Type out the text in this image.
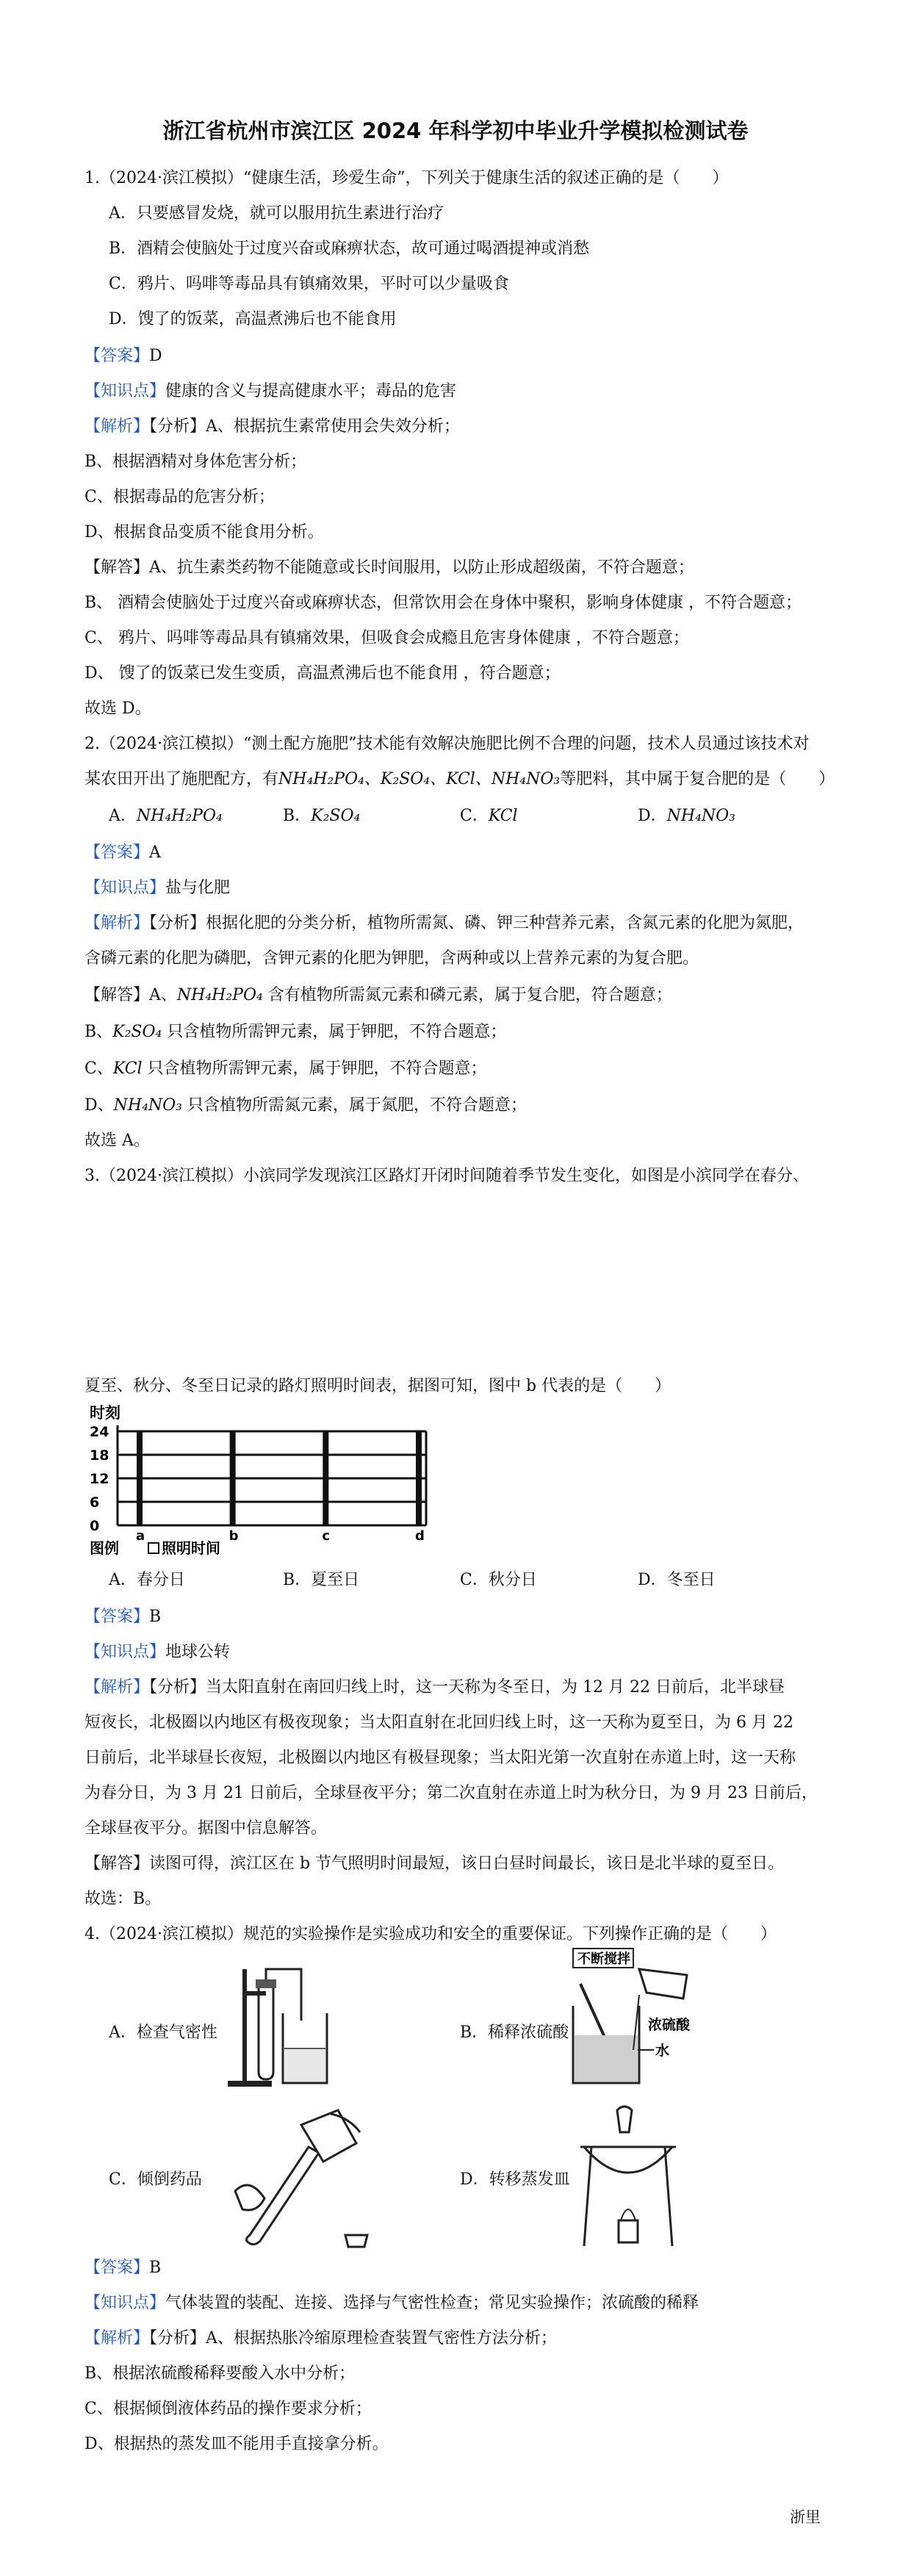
浙江省杭州市滨江区 2024 年科学初中毕业升学模拟检测试卷
1.（2024·滨江模拟）“健康生活，珍爱生命”，下列关于健康生活的叙述正确的是（　　）
A．只要感冒发烧，就可以服用抗生素进行治疗
B．酒精会使脑处于过度兴奋或麻痹状态，故可通过喝酒提神或消愁
C．鸦片、吗啡等毒品具有镇痛效果，平时可以少量吸食
D．馊了的饭菜，高温煮沸后也不能食用
【答案】D
【知识点】健康的含义与提高健康水平；毒品的危害
【解析】【分析】A、根据抗生素常使用会失效分析；
B、根据酒精对身体危害分析；
C、根据毒品的危害分析；
D、根据食品变质不能食用分析。
【解答】A、抗生素类药物不能随意或长时间服用，以防止形成超级菌，不符合题意；
B、 酒精会使脑处于过度兴奋或麻痹状态，但常饮用会在身体中聚积，影响身体健康 ，不符合题意；
C、 鸦片、吗啡等毒品具有镇痛效果，但吸食会成瘾且危害身体健康 ，不符合题意；
D、 馊了的饭菜已发生变质，高温煮沸后也不能食用 ，符合题意；
故选 D。
2.（2024·滨江模拟）“测土配方施肥”技术能有效解决施肥比例不合理的问题，技术人员通过该技术对
某农田开出了施肥配方，有NH₄H₂PO₄、K₂SO₄、KCl、NH₄NO₃等肥料，其中属于复合肥的是（　　）
A．NH₄H₂PO₄	B．K₂SO₄	C．KCl	D．NH₄NO₃
【答案】A
【知识点】盐与化肥
【解析】【分析】根据化肥的分类分析，植物所需氮、磷、钾三种营养元素，含氮元素的化肥为氮肥，
含磷元素的化肥为磷肥，含钾元素的化肥为钾肥，含两种或以上营养元素的为复合肥。
【解答】A、NH₄H₂PO₄ 含有植物所需氮元素和磷元素，属于复合肥，符合题意；
B、K₂SO₄ 只含植物所需钾元素，属于钾肥，不符合题意；
C、KCl 只含植物所需钾元素，属于钾肥，不符合题意；
D、NH₄NO₃ 只含植物所需氮元素，属于氮肥，不符合题意；
故选 A。
3.（2024·滨江模拟）小滨同学发现滨江区路灯开闭时间随着季节发生变化，如图是小滨同学在春分、
夏至、秋分、冬至日记录的路灯照明时间表，据图可知，图中 b 代表的是（　　）
时刻
24
18
12
6
0
a	b	c	d
图例	照明时间
A．春分日	B．夏至日	C．秋分日	D．冬至日
【答案】B
【知识点】地球公转
【解析】【分析】当太阳直射在南回归线上时，这一天称为冬至日，为 12 月 22 日前后，北半球昼
短夜长，北极圈以内地区有极夜现象；当太阳直射在北回归线上时，这一天称为夏至日，为 6 月 22
日前后，北半球昼长夜短，北极圈以内地区有极昼现象；当太阳光第一次直射在赤道上时，这一天称
为春分日，为 3 月 21 日前后，全球昼夜平分；第二次直射在赤道上时为秋分日，为 9 月 23 日前后，
全球昼夜平分。据图中信息解答。
【解答】读图可得，滨江区在 b 节气照明时间最短，该日白昼时间最长，该日是北半球的夏至日。
故选：B。
4.（2024·滨江模拟）规范的实验操作是实验成功和安全的重要保证。下列操作正确的是（　　）
A．检查气密性	B．稀释浓硫酸
不断搅拌
浓硫酸
水
C．倾倒药品	D．转移蒸发皿
【答案】B
【知识点】气体装置的装配、连接、选择与气密性检查；常见实验操作；浓硫酸的稀释
【解析】【分析】A、根据热胀冷缩原理检查装置气密性方法分析；
B、根据浓硫酸稀释要酸入水中分析；
C、根据倾倒液体药品的操作要求分析；
D、根据热的蒸发皿不能用手直接拿分析。
浙里
